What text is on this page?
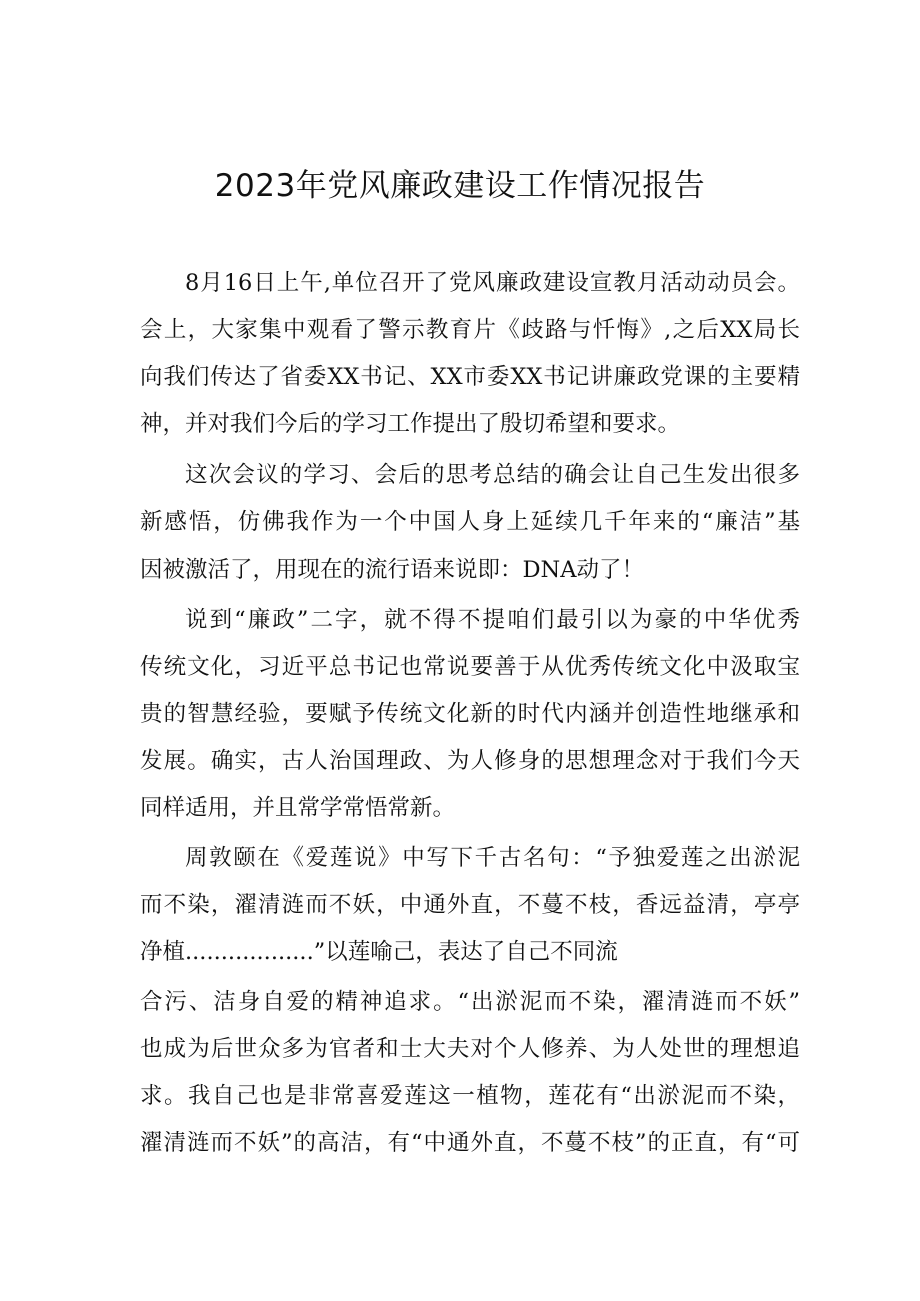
2023年党风廉政建设工作情况报告

8月16日上午,单位召开了党风廉政建设宣教月活动动员会。

会上，大家集中观看了警示教育片《歧路与忏悔》,之后XX局长

向我们传达了省委XX书记、XX市委XX书记讲廉政党课的主要精

神，并对我们今后的学习工作提出了殷切希望和要求。

这次会议的学习、会后的思考总结的确会让自己生发出很多

新感悟，仿佛我作为一个中国人身上延续几千年来的“廉洁”基

因被激活了，用现在的流行语来说即：DNA动了！

说到“廉政”二字，就不得不提咱们最引以为豪的中华优秀

传统文化，习近平总书记也常说要善于从优秀传统文化中汲取宝

贵的智慧经验，要赋予传统文化新的时代内涵并创造性地继承和

发展。确实，古人治国理政、为人修身的思想理念对于我们今天

同样适用，并且常学常悟常新。

周敦颐在《爱莲说》中写下千古名句：“予独爱莲之出淤泥

而不染，濯清涟而不妖，中通外直，不蔓不枝，香远益清，亭亭

净植..................”以莲喻己，表达了自己不同流

合污、洁身自爱的精神追求。“出淤泥而不染，濯清涟而不妖”

也成为后世众多为官者和士大夫对个人修养、为人处世的理想追

求。我自己也是非常喜爱莲这一植物，莲花有“出淤泥而不染，

濯清涟而不妖”的高洁，有“中通外直，不蔓不枝”的正直，有“可
